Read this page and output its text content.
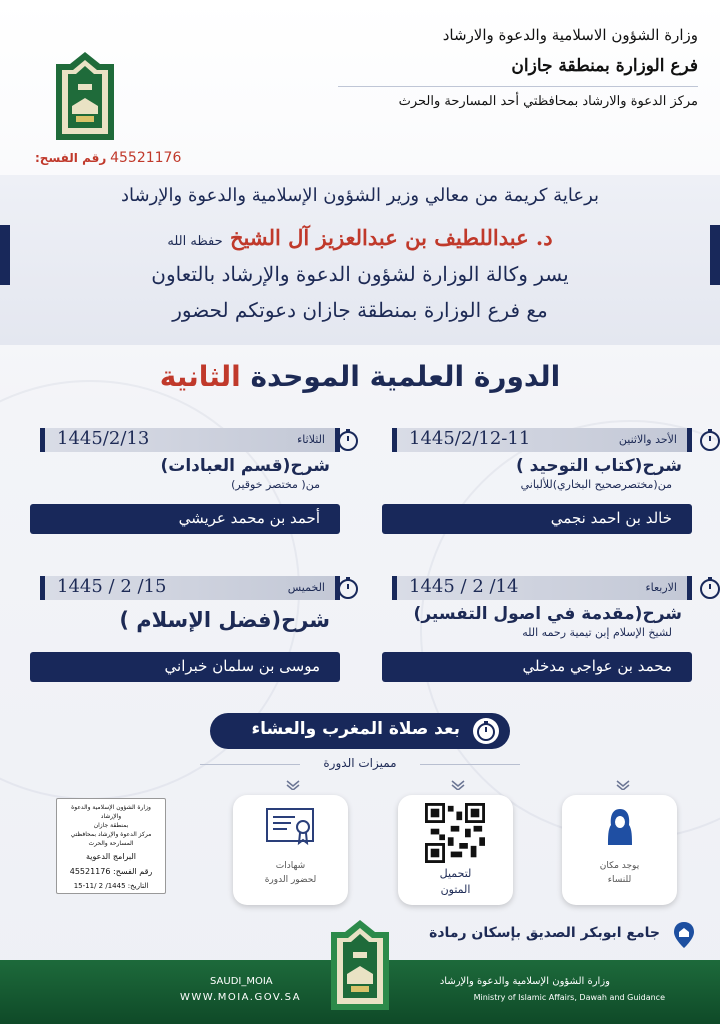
45521176 رقم الفسح:
وزارة الشؤون الاسلامية والدعوة والارشاد
فرع الوزارة بمنطقة جازان
مركز الدعوة والارشاد بمحافظتي أحد المسارحة والحرث
برعاية كريمة من معالي وزير الشؤون الإسلامية والدعوة والإرشاد
د. عبداللطيف بن عبدالعزيز آل الشيخ حفظه الله
يسر وكالة الوزارة لشؤون الدعوة والإرشاد بالتعاون
مع فرع الوزارة بمنطقة جازان دعوتكم لحضور
الدورة العلمية الموحدة الثانية
الأحد والاثنين
1445/2/12-11
شرح(كتاب التوحيد )
من(مختصرصحيح البخاري)للألباني
خالد بن احمد نجمي
الثلاثاء
1445/2/13
شرح(قسم العبادات)
من( مختصر خوقير)
أحمد بن محمد عريشي
الاربعاء
1445 / 2 /14
شرح(مقدمة في اصول التفسير)
لشيخ الإسلام إبن تيمية رحمه الله
محمد بن عواجي مدخلي
الخميس
1445 / 2 /15
شرح(فضل الإسلام )
موسى بن سلمان خبراني
بعد صلاة المغرب والعشاء
مميزات الدورة
يوجد مكان
للنساء
لتحميل
المتون
شهادات
لحضور الدورة
وزارة الشؤون الإسلامية والدعوة والإرشاد
بمنطقة جازان
مركز الدعوة والإرشاد بمحافظتي المسارحة والحرث
البرامج الدعوية
رقم الفسح: 45521176
التاريخ: 1445/ 2 /11-15
جامع ابوبكر الصديق بإسكان رمادة
SAUDI_MOIA
WWW.MOIA.GOV.SA
وزارة الشؤون الإسلامية والدعوة والإرشاد
Ministry of Islamic Affairs, Dawah and Guidance
